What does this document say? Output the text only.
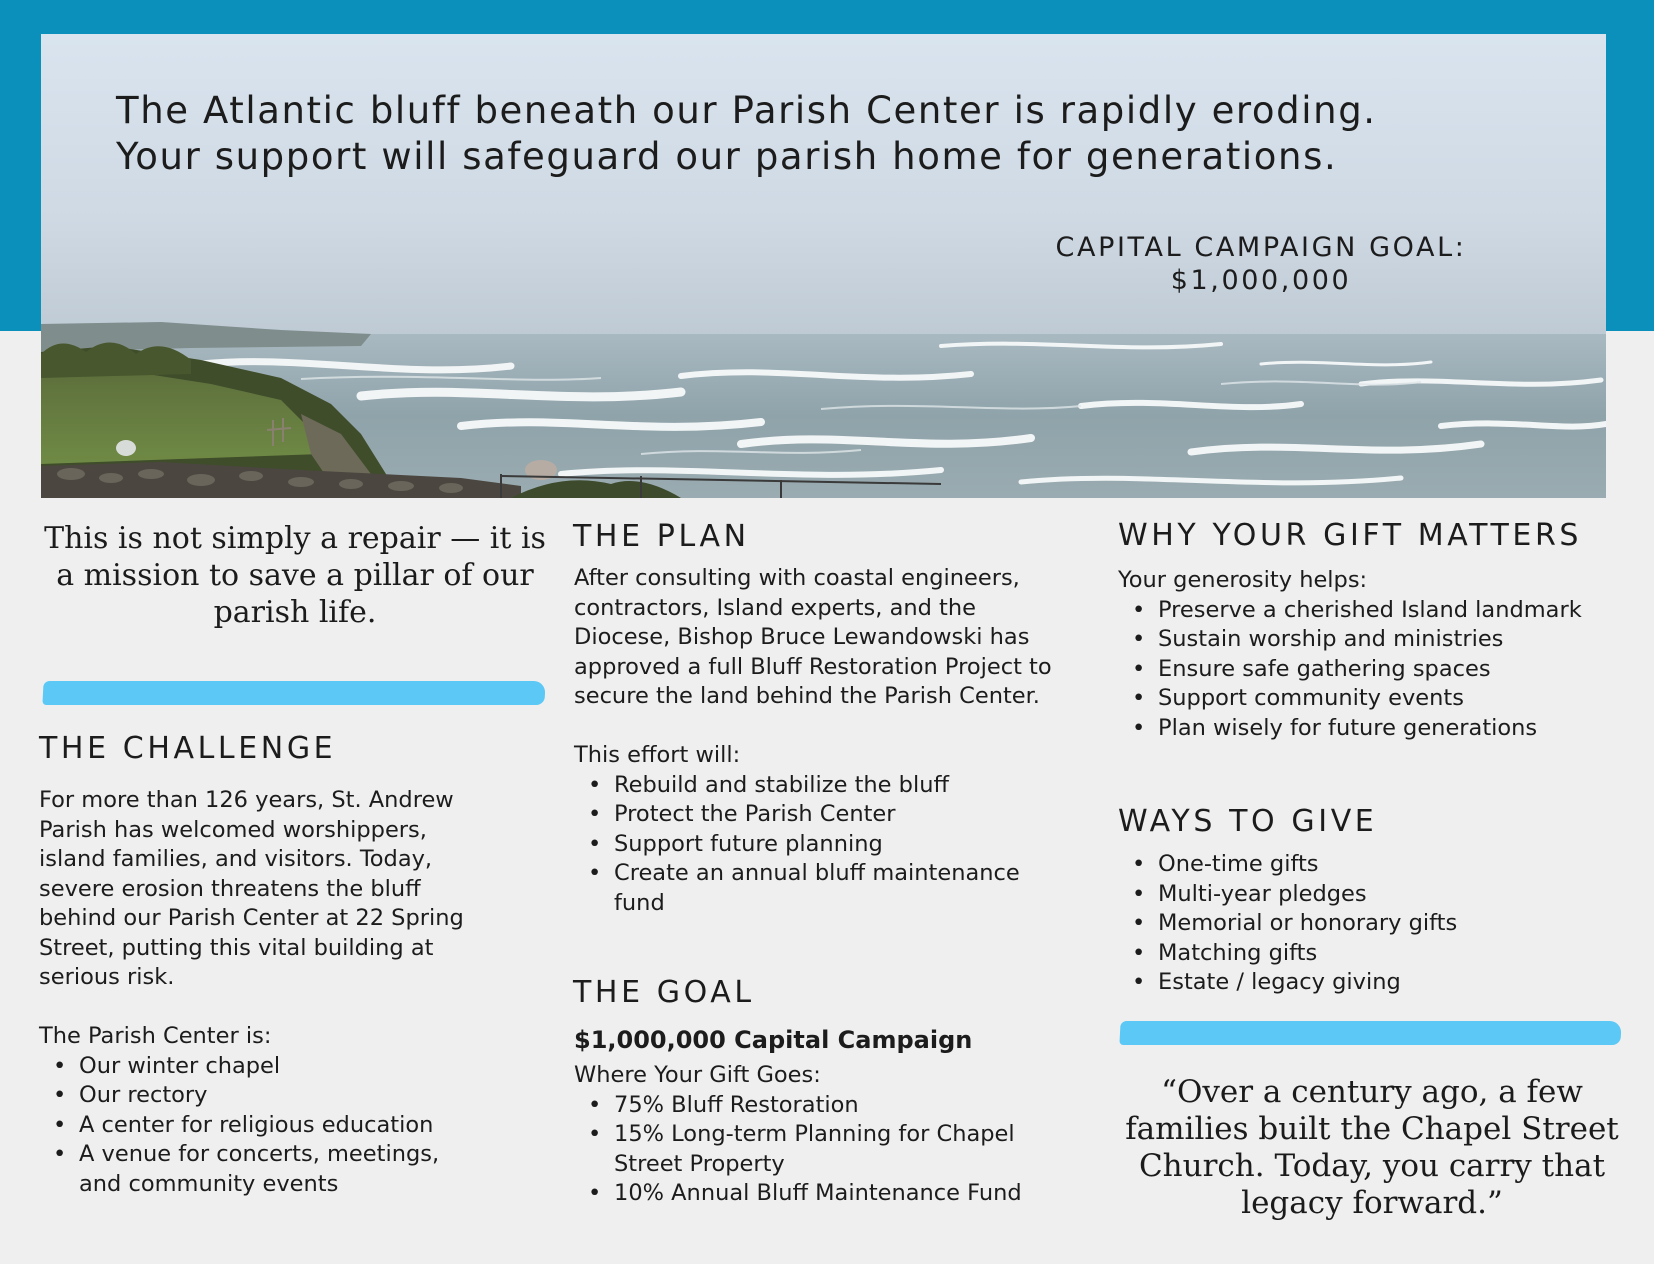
The Atlantic bluff beneath our Parish Center is rapidly eroding.
Your support will safeguard our parish home for generations.
CAPITAL CAMPAIGN GOAL:
$1,000,000
This is not simply a repair — it is a mission to save a pillar of our parish life.
THE CHALLENGE

For more than 126 years, St. Andrew Parish has welcomed worshippers, island families, and visitors. Today, severe erosion threatens the bluff behind our Parish Center at 22 Spring Street, putting this vital building at serious risk.

The Parish Center is:

• Our winter chapel
• Our rectory
• A center for religious education
• A venue for concerts, meetings, and community events
THE PLAN

After consulting with coastal engineers, contractors, Island experts, and the Diocese, Bishop Bruce Lewandowski has approved a full Bluff Restoration Project to secure the land behind the Parish Center.

This effort will:

• Rebuild and stabilize the bluff
• Protect the Parish Center
• Support future planning
• Create an annual bluff maintenance fund
THE GOAL

$1,000,000 Capital Campaign

Where Your Gift Goes:

• 75% Bluff Restoration
• 15% Long-term Planning for Chapel Street Property
• 10% Annual Bluff Maintenance Fund
WHY YOUR GIFT MATTERS

Your generosity helps:

• Preserve a cherished Island landmark
• Sustain worship and ministries
• Ensure safe gathering spaces
• Support community events
• Plan wisely for future generations
WAYS TO GIVE
• One-time gifts
• Multi-year pledges
• Memorial or honorary gifts
• Matching gifts
• Estate / legacy giving
“Over a century ago, a few families built the Chapel Street Church. Today, you carry that legacy forward.”
